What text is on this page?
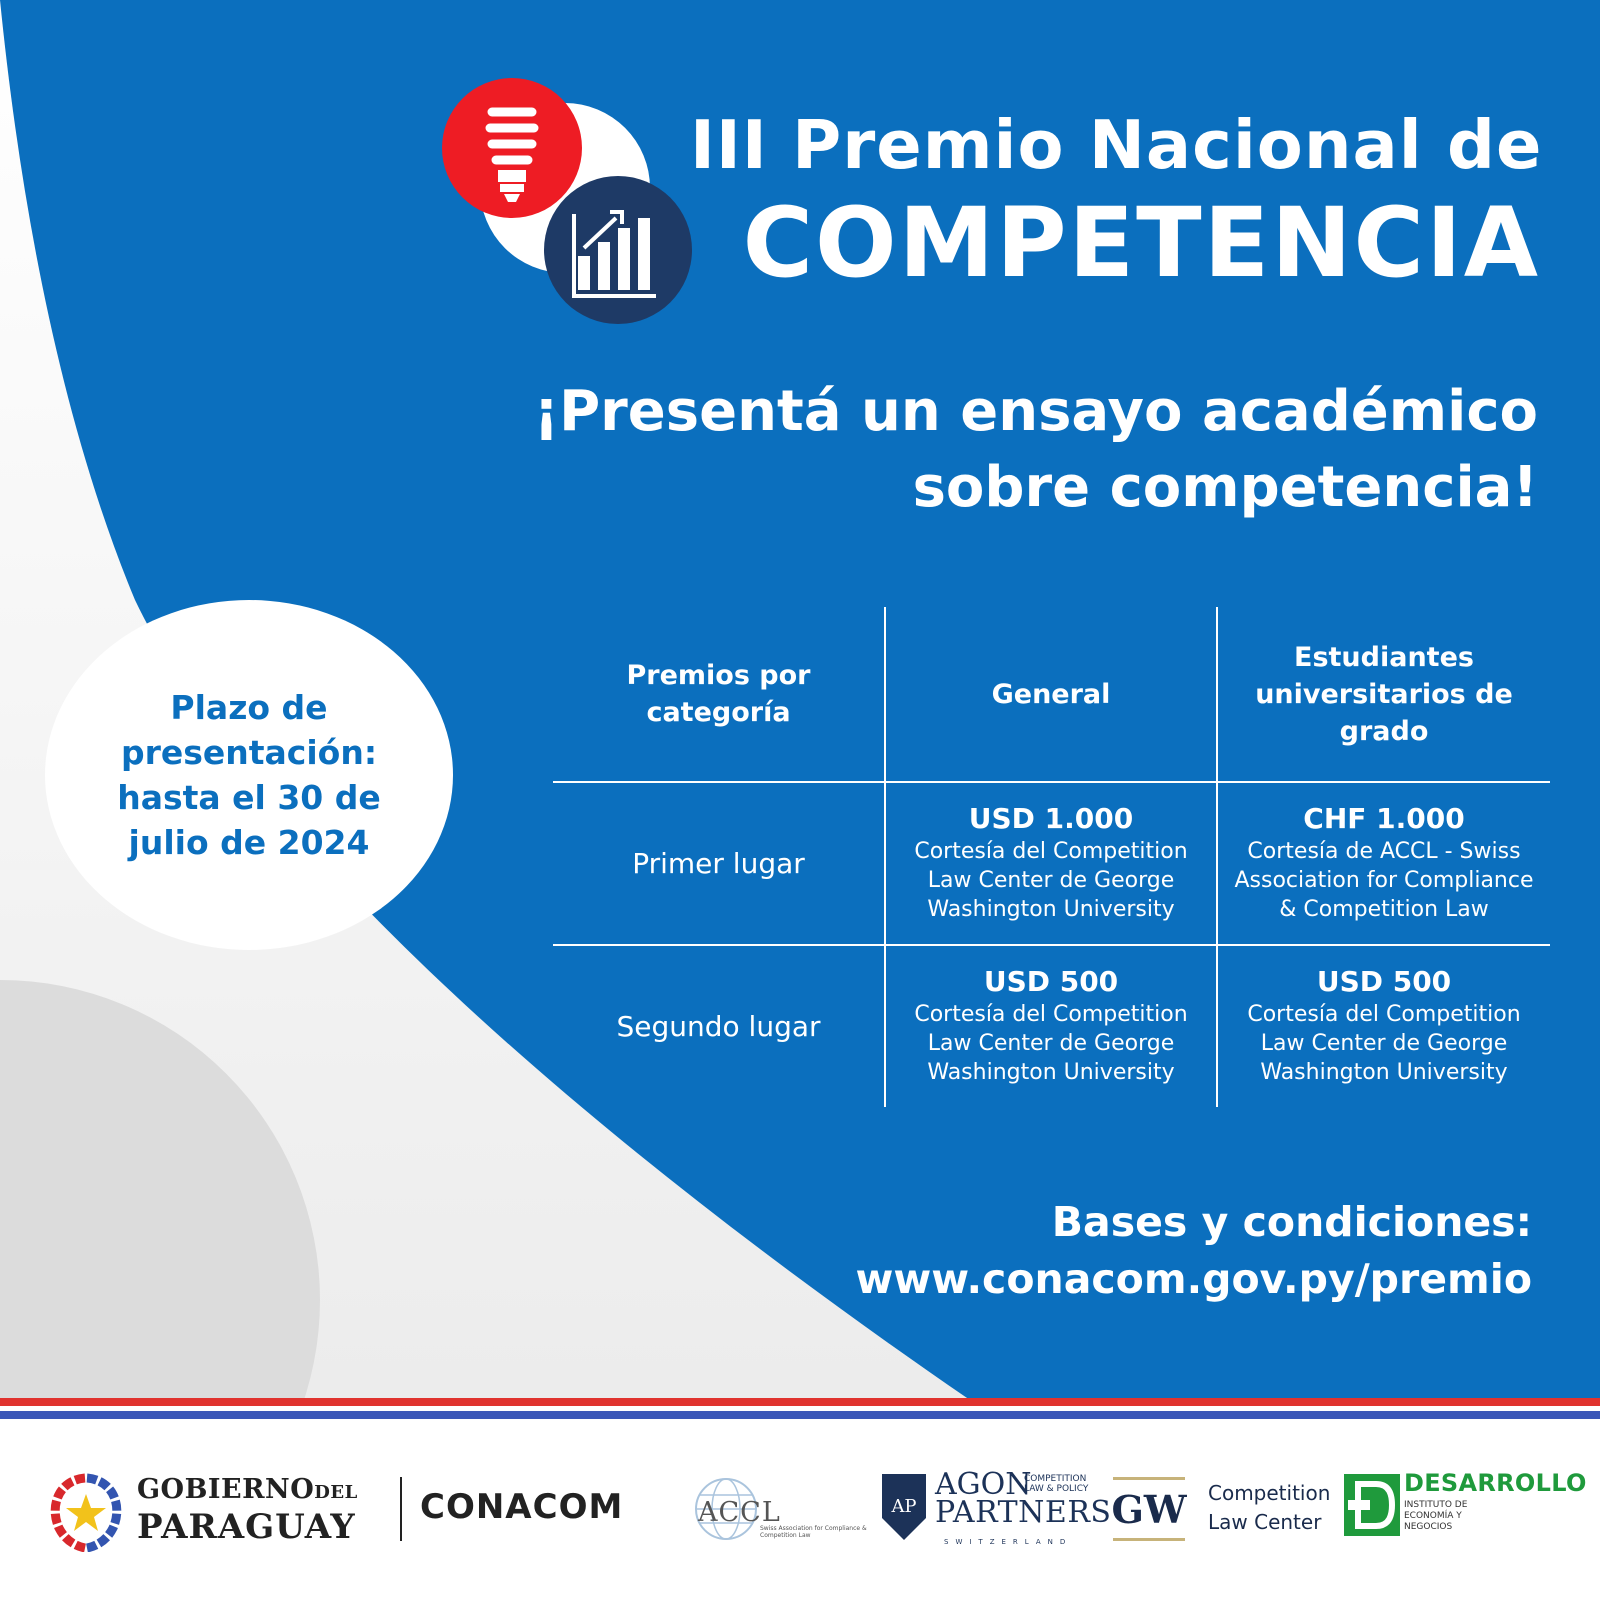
III Premio Nacional de
COMPETENCIA
¡Presentá un ensayo académico
sobre competencia!
Plazo de presentación: hasta el 30 de julio de 2024
Premios por categoría
General
Estudiantes universitarios de grado
Primer lugar
USD 1.000
Cortesía del Competition Law Center de George Washington University
CHF 1.000
Cortesía de ACCL - Swiss Association for Compliance & Competition Law
Segundo lugar
USD 500
Cortesía del Competition Law Center de George Washington University
USD 500
Cortesía del Competition Law Center de George Washington University
Bases y condiciones:
www.conacom.gov.py/premio
GOBIERNODEL
PARAGUAY CONACOM	ACCL
Swiss Association for Compliance & Competition Law
AP
AGON
COMPETITION LAW & POLICY
PARTNERS
SWITZERLAND
GW Competition
Law Center
DESARROLLO
INSTITUTO DE ECONOMÍA Y NEGOCIOS
